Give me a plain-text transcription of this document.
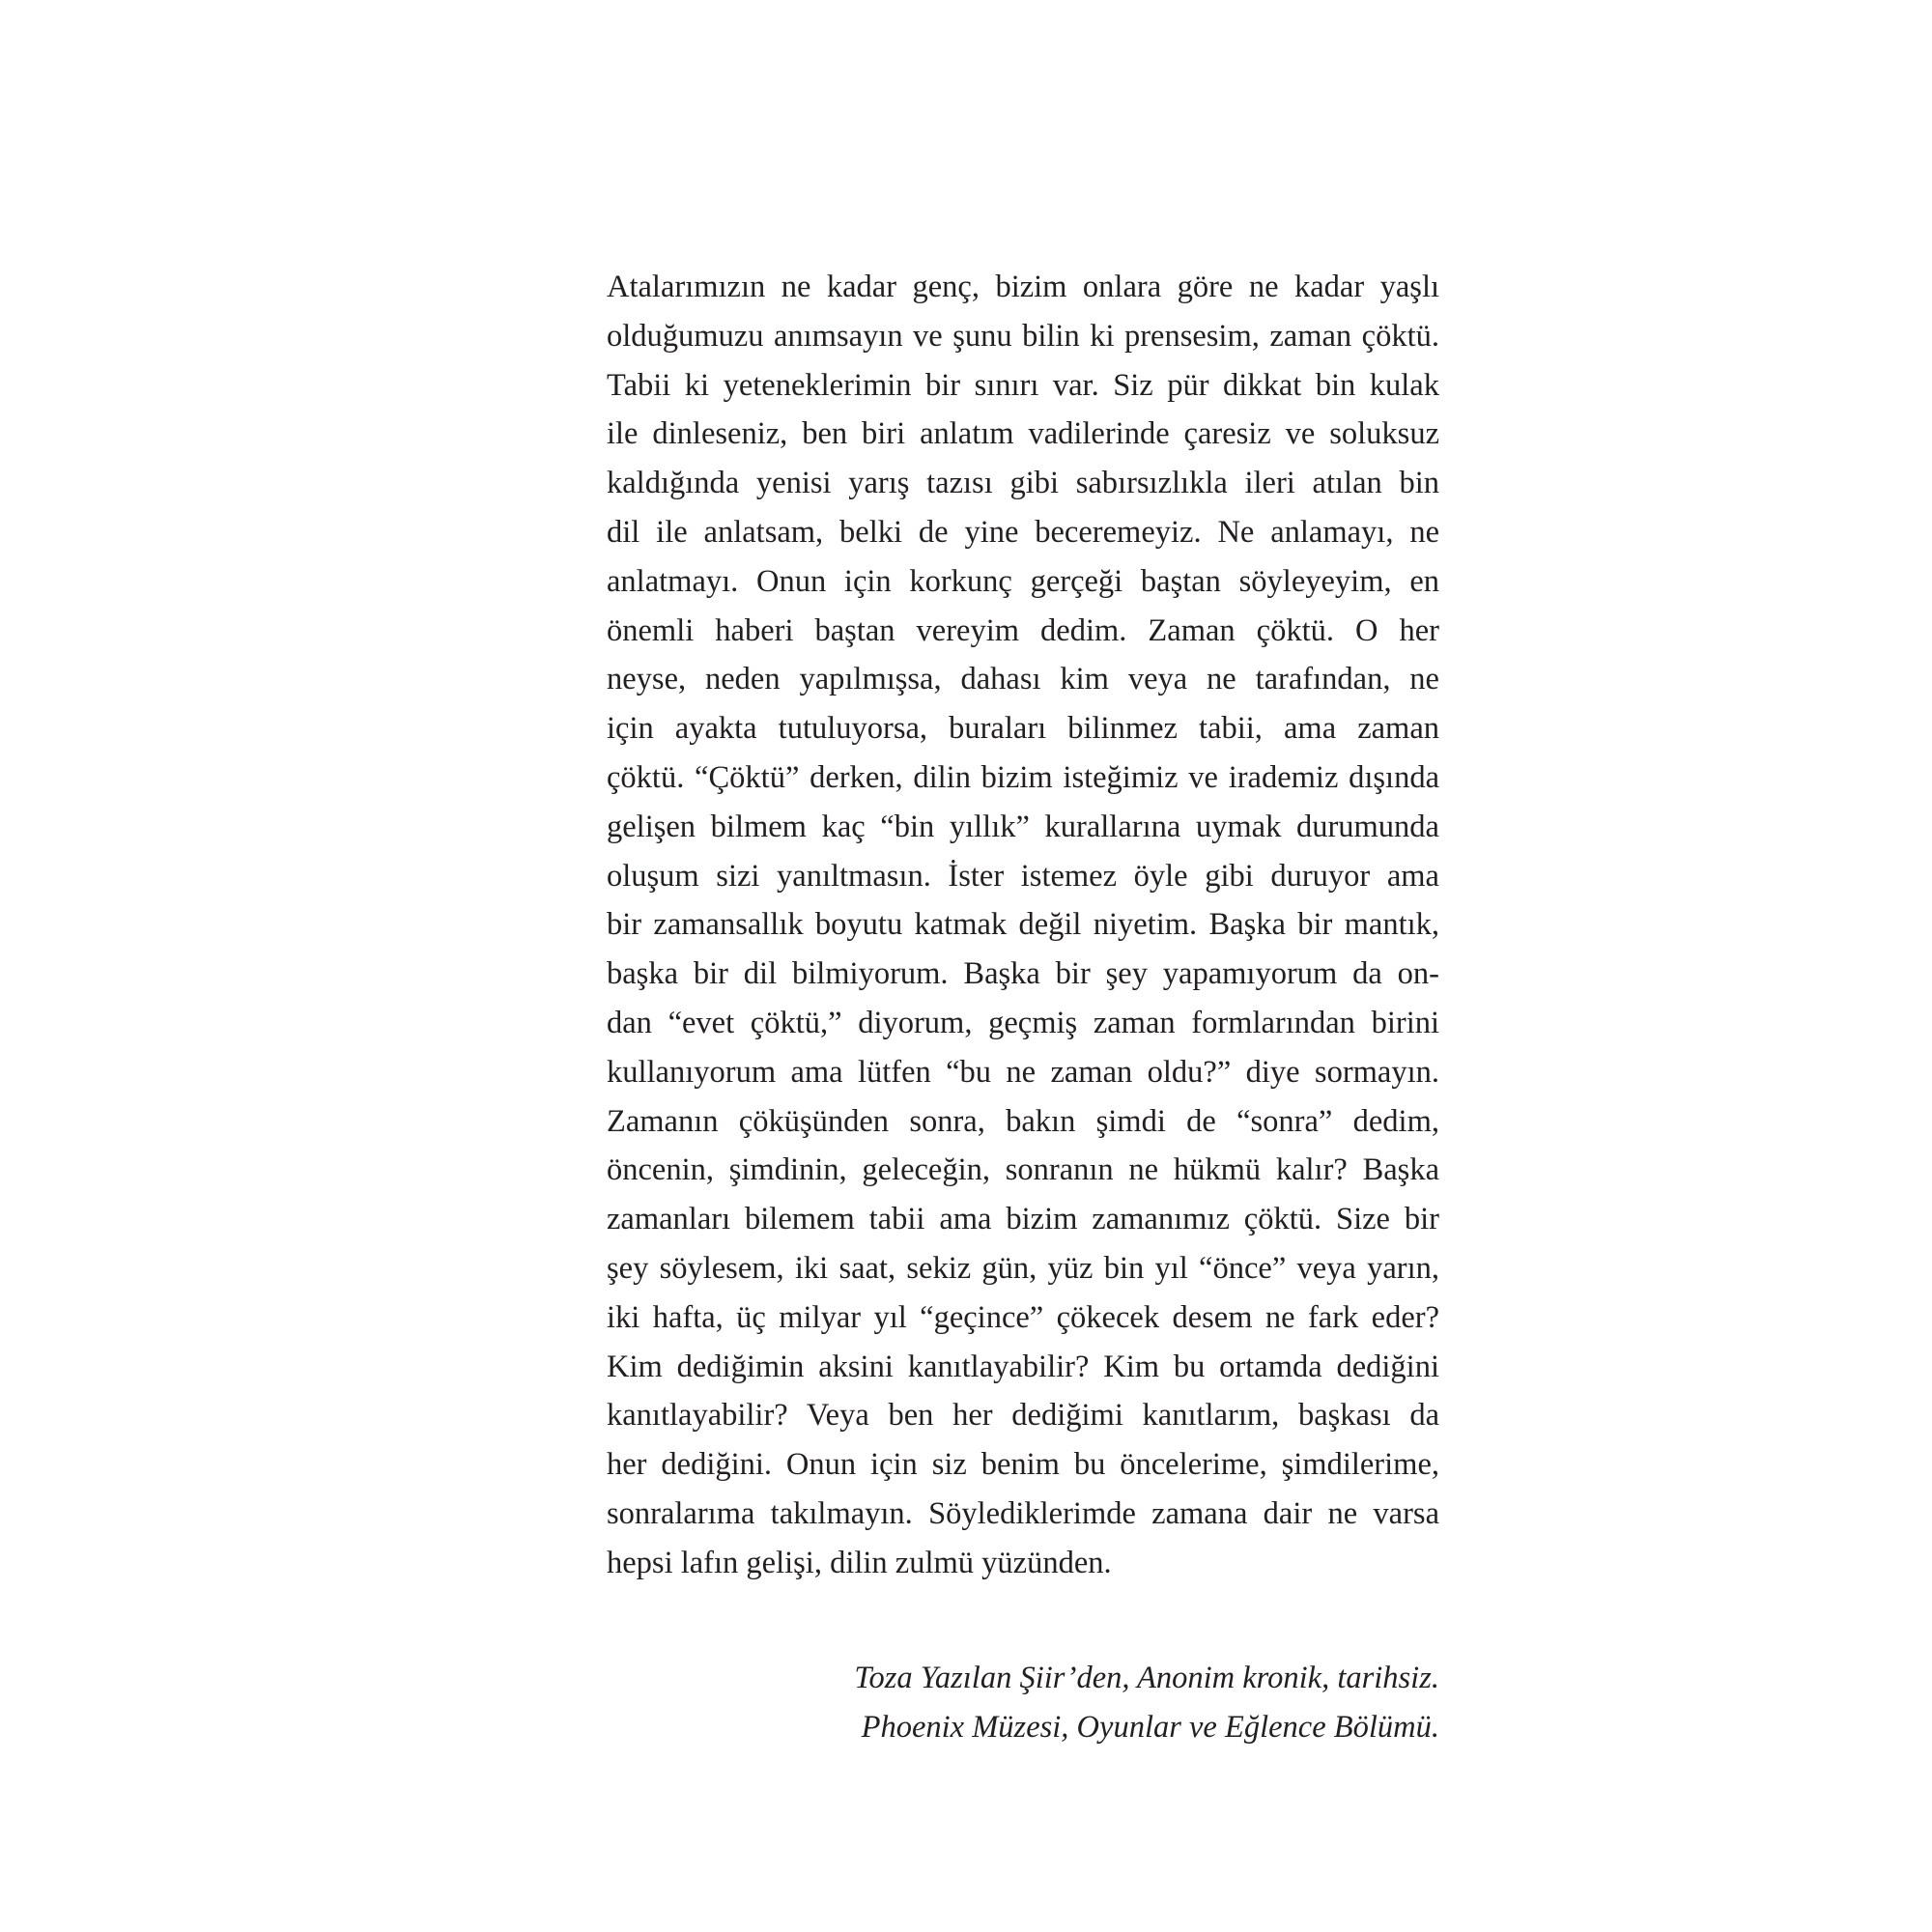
Atalarımızın ne kadar genç, bizim onlara göre ne kadar yaşlı
olduğumuzu anımsayın ve şunu bilin ki prensesim, zaman çöktü.
Tabii ki yeteneklerimin bir sınırı var. Siz pür dikkat bin kulak
ile dinleseniz, ben biri anlatım vadilerinde çaresiz ve soluksuz
kaldığında yenisi yarış tazısı gibi sabırsızlıkla ileri atılan bin
dil ile anlatsam, belki de yine beceremeyiz. Ne anlamayı, ne
anlatmayı. Onun için korkunç gerçeği baştan söyleyeyim, en
önemli haberi baştan vereyim dedim. Zaman çöktü. O her
neyse, neden yapılmışsa, dahası kim veya ne tarafından, ne
için ayakta tutuluyorsa, buraları bilinmez tabii, ama zaman
çöktü. “Çöktü” derken, dilin bizim isteğimiz ve irademiz dışında
gelişen bilmem kaç “bin yıllık” kurallarına uymak durumunda
oluşum sizi yanıltmasın. İster istemez öyle gibi duruyor ama
bir zamansallık boyutu katmak değil niyetim. Başka bir mantık,
başka bir dil bilmiyorum. Başka bir şey yapamıyorum da on-
dan “evet çöktü,” diyorum, geçmiş zaman formlarından birini
kullanıyorum ama lütfen “bu ne zaman oldu?” diye sormayın.
Zamanın çöküşünden sonra, bakın şimdi de “sonra” dedim,
öncenin, şimdinin, geleceğin, sonranın ne hükmü kalır? Başka
zamanları bilemem tabii ama bizim zamanımız çöktü. Size bir
şey söylesem, iki saat, sekiz gün, yüz bin yıl “önce” veya yarın,
iki hafta, üç milyar yıl “geçince” çökecek desem ne fark eder?
Kim dediğimin aksini kanıtlayabilir? Kim bu ortamda dediğini
kanıtlayabilir? Veya ben her dediğimi kanıtlarım, başkası da
her dediğini. Onun için siz benim bu öncelerime, şimdilerime,
sonralarıma takılmayın. Söylediklerimde zamana dair ne varsa
hepsi lafın gelişi, dilin zulmü yüzünden.
Toza Yazılan Şiir’den, Anonim kronik, tarihsiz.
Phoenix Müzesi, Oyunlar ve Eğlence Bölümü.
